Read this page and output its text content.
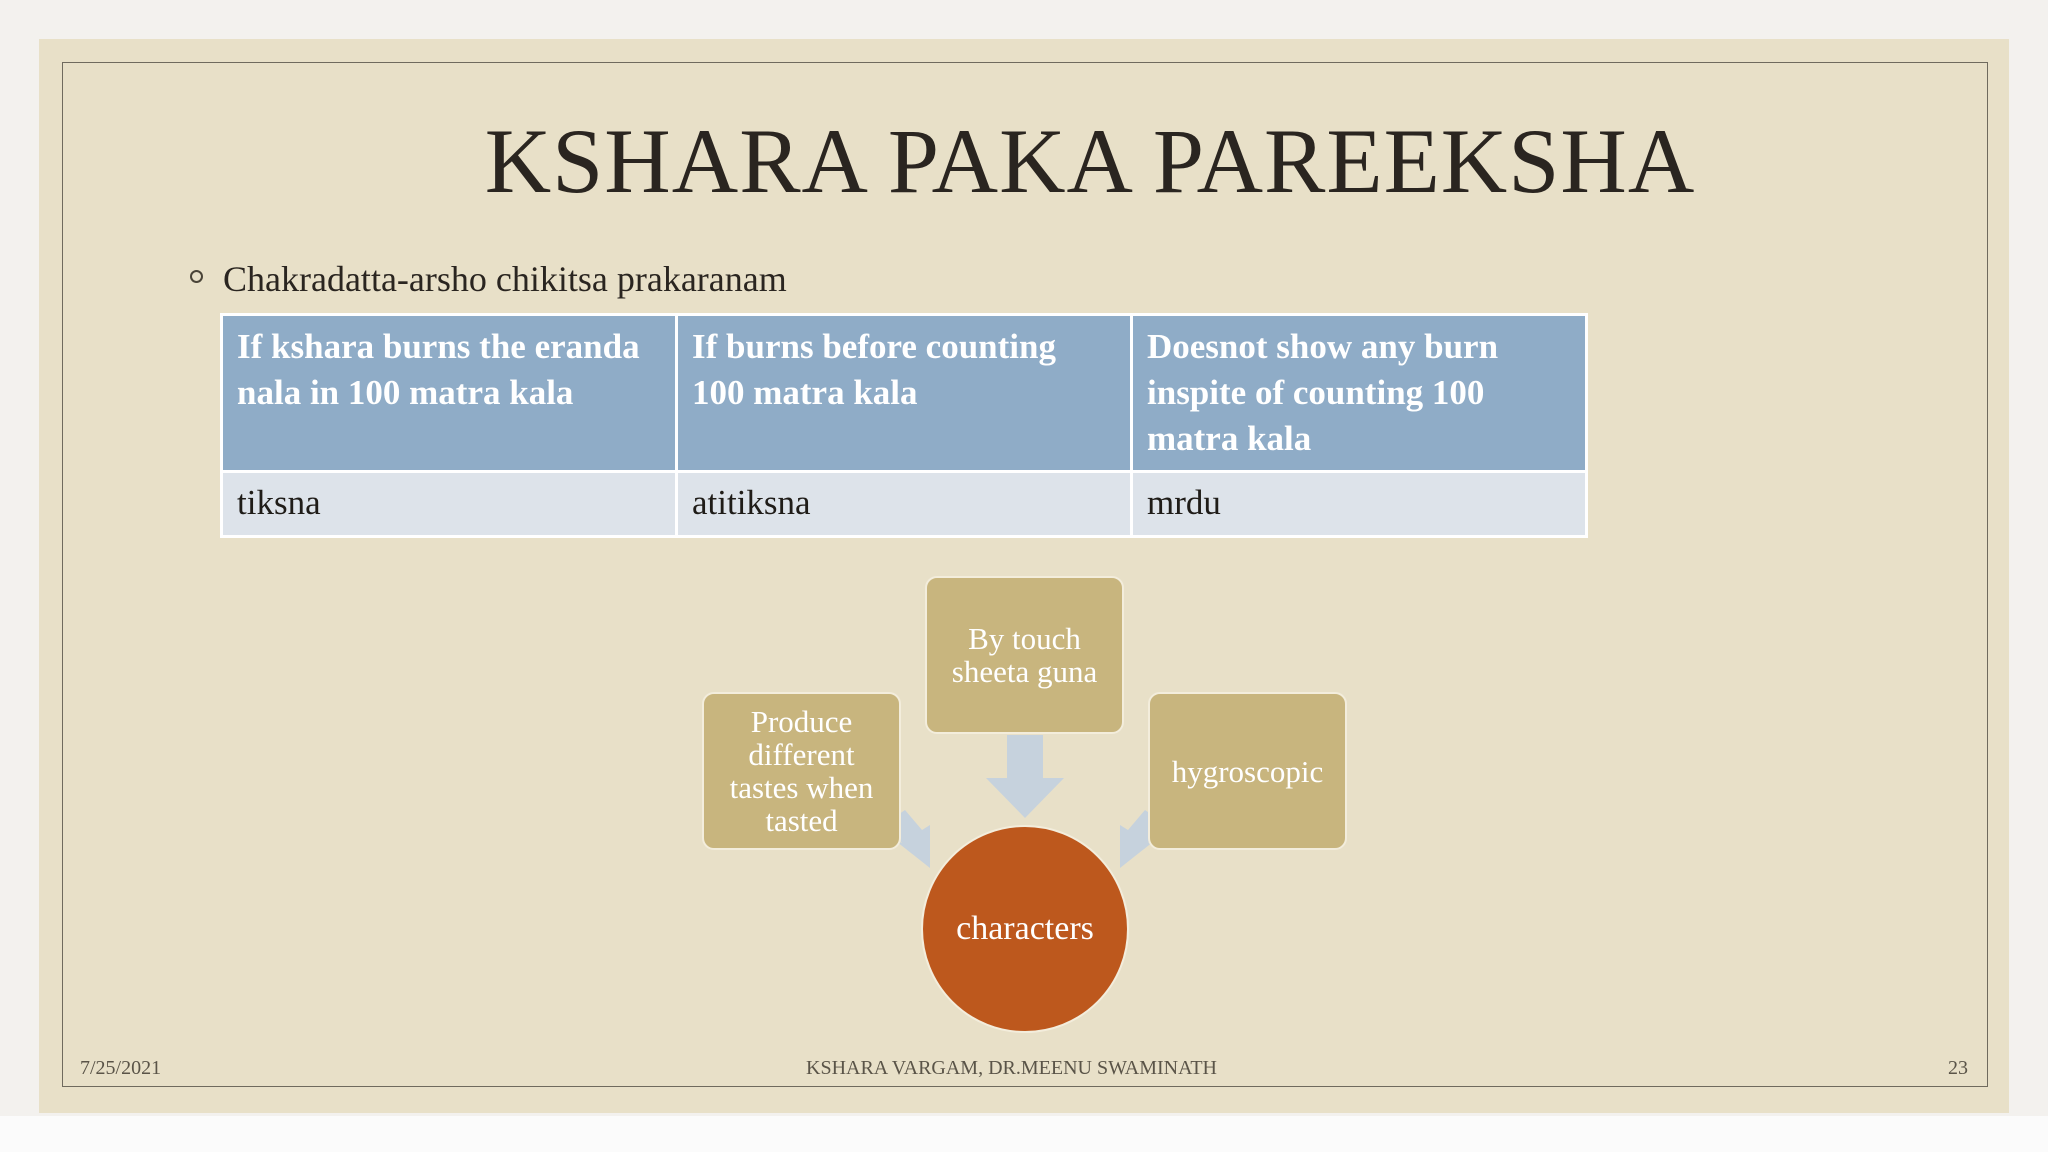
KSHARA PAKA PAREEKSHA
Chakradatta-arsho chikitsa prakaranam
If kshara burns the eranda nala in 100 matra kala	If burns before counting 100 matra kala	Doesnot show any burn inspite of counting 100 matra kala
tiksna	atitiksna	mrdu
By touch sheeta guna
Produce different tastes when tasted
hygroscopic
characters
7/25/2021	KSHARA VARGAM, DR.MEENU SWAMINATH	23
